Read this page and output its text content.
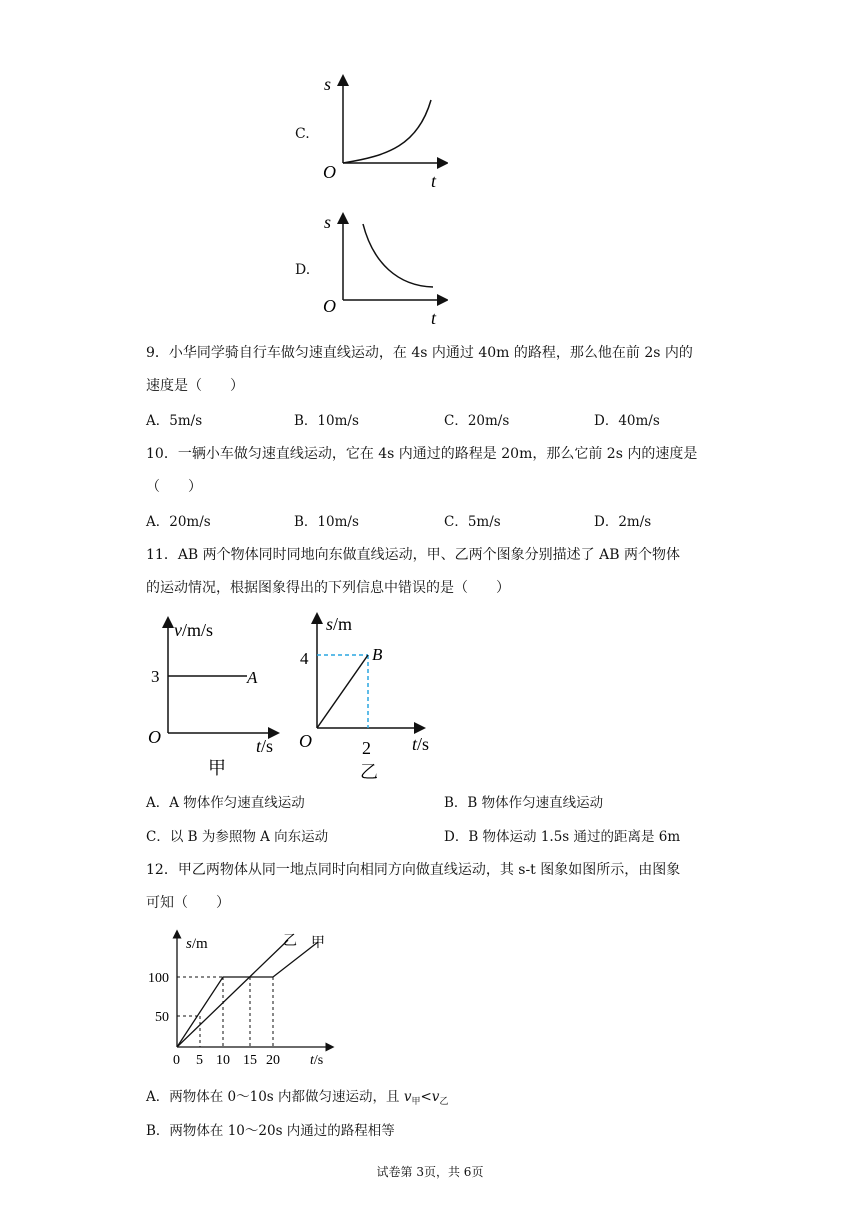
C.
s
t
O
D.
s
t
O
9．小华同学骑自行车做匀速直线运动，在 4s 内通过 40m 的路程，那么他在前 2s 内的
速度是（　　）
A．5m/s	B．10m/s	C．20m/s	D．40m/s
10．一辆小车做匀速直线运动，它在 4s 内通过的路程是 20m，那么它前 2s 内的速度是
（　　）
A．20m/s	B．10m/s	C．5m/s	D．2m/s
11．AB 两个物体同时同地向东做直线运动，甲、乙两个图象分别描述了 AB 两个物体
的运动情况，根据图象得出的下列信息中错误的是（　　）
v/m/s
3	A
O	t/s
甲
s/m
4	B
O	2 t/s
乙
A．A 物体作匀速直线运动	B．B 物体作匀速直线运动
C．以 B 为参照物 A 向东运动	D．B 物体运动 1.5s 通过的距离是 6m
12．甲乙两物体从同一地点同时向相同方向做直线运动，其 s-t 图象如图所示，由图象
可知（　　）
s/m
100
50
0 5 10 15 20 t/s
乙 甲
A．两物体在 0～10s 内都做匀速运动，且 $v_甲<v_乙$
B．两物体在 10～20s 内通过的路程相等
试卷第 3页，共 6页
